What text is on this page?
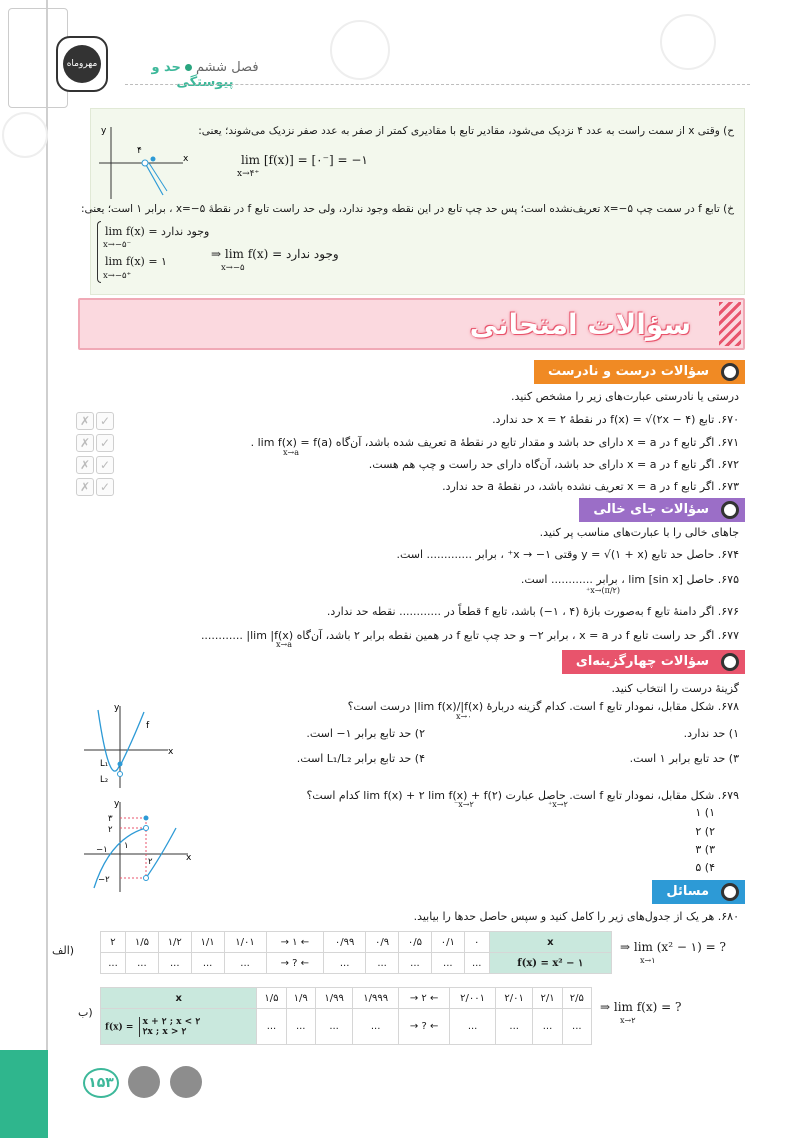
مهروماه	فصل ششمحد و پیوستگی
ح) وقتی x از سمت راست به عدد ۴ نزدیک می‌شود، مقادیر تابع با مقادیری کمتر از صفر به عدد صفر نزدیک می‌شوند؛ یعنی:
y
x
۴
lim [f(x)] = [۰⁻] = −۱
x→۴⁺
خ) تابع f در سمت چپ x=−۵ تعریف‌نشده است؛ پس حد چپ تابع در این نقطه وجود ندارد، ولی حد راست تابع f در نقطهٔ x=−۵ ، برابر ۱ است؛ یعنی:
lim f(x) = وجود ندارد
x→−۵⁻
lim f(x) = ۱
x→−۵⁺
⇒ lim f(x) = وجود ندارد
x→−۵
سؤالات امتحانی
سؤالات درست و نادرست
درستی یا نادرستی عبارت‌های زیر را مشخص کنید.
۶۷۰. تابع f(x) = √(۲x − ۴) در نقطهٔ x = ۲ حد ندارد.
۶۷۱. اگر تابع f در x = a دارای حد باشد و مقدار تابع در نقطهٔ a تعریف شده باشد، آن‌گاه lim f(x) = f(a) .
x→a
۶۷۲. اگر تابع f در x = a دارای حد باشد، آن‌گاه دارای حد راست و چپ هم هست.
۶۷۳. اگر تابع f در x = a تعریف نشده باشد، در نقطهٔ a حد ندارد.
✗ ✓
✗ ✓
✗ ✓
✗ ✓
سؤالات جای خالی
جاهای خالی را با عبارت‌های مناسب پر کنید.
۶۷۴. حاصل حد تابع y = √(۱ + x) وقتی x → −۱⁺ ، برابر ............. است.
۶۷۵. حاصل lim [sin x] ، برابر ............ است.
x→(π/۲)⁺
۶۷۶. اگر دامنهٔ تابع f به‌صورت بازهٔ (۴ ، ۱−) باشد، تابع f قطعاً در ............ نقطه حد ندارد.
۶۷۷. اگر حد راست تابع f در x = a ، برابر ۲− و حد چپ تابع f در همین نقطه برابر ۲ باشد، آن‌گاه lim |f(x)| ............
x→a
سؤالات چهارگزینه‌ای
گزینهٔ درست را انتخاب کنید.
۶۷۸. شکل مقابل، نمودار تابع f است. کدام گزینه دربارهٔ lim f(x)/|f(x)| درست است؟
x→۰
۱) حد ندارد.
۲) حد تابع برابر ۱− است.
۳) حد تابع برابر ۱ است.
۴) حد تابع برابر L₁/L₂ است.
y
f
x
L₁
L₂
۶۷۹. شکل مقابل، نمودار تابع f است. حاصل عبارت lim f(x) + ۲ lim f(x) + f(۲) کدام است؟
x→۲⁺
x→۲⁻
۱) ۱
۲) ۲
۳) ۳
۴) ۵
y
۳
۲
۱
−۱
−۲
۲	x
مسائل
۶۸۰. هر یک از جدول‌های زیر را کامل کنید و سپس حاصل حدها را بیابید.
(الف
۲	۱/۵	۱/۲	۱/۱	۱/۰۱	→ ۱ ←	۰/۹۹	۰/۹	۰/۵	۰/۱	۰	x
...	...	...	...	...	→ ? ←	...	...	...	...	...	f(x) = x² − ۱
⇒ lim (x² − ۱) = ?
x→۱
(ب
x	۱/۵	۱/۹	۱/۹۹	۱/۹۹۹	→ ۲ ←	۲/۰۰۱	۲/۰۱	۲/۱	۲/۵
f(x) =
x + ۲ ; x < ۲
۲x ; x > ۲	...	...	...	...	→ ? ←	...	...	...	...
⇒ lim f(x) = ?
x→۲
۱۵۳
